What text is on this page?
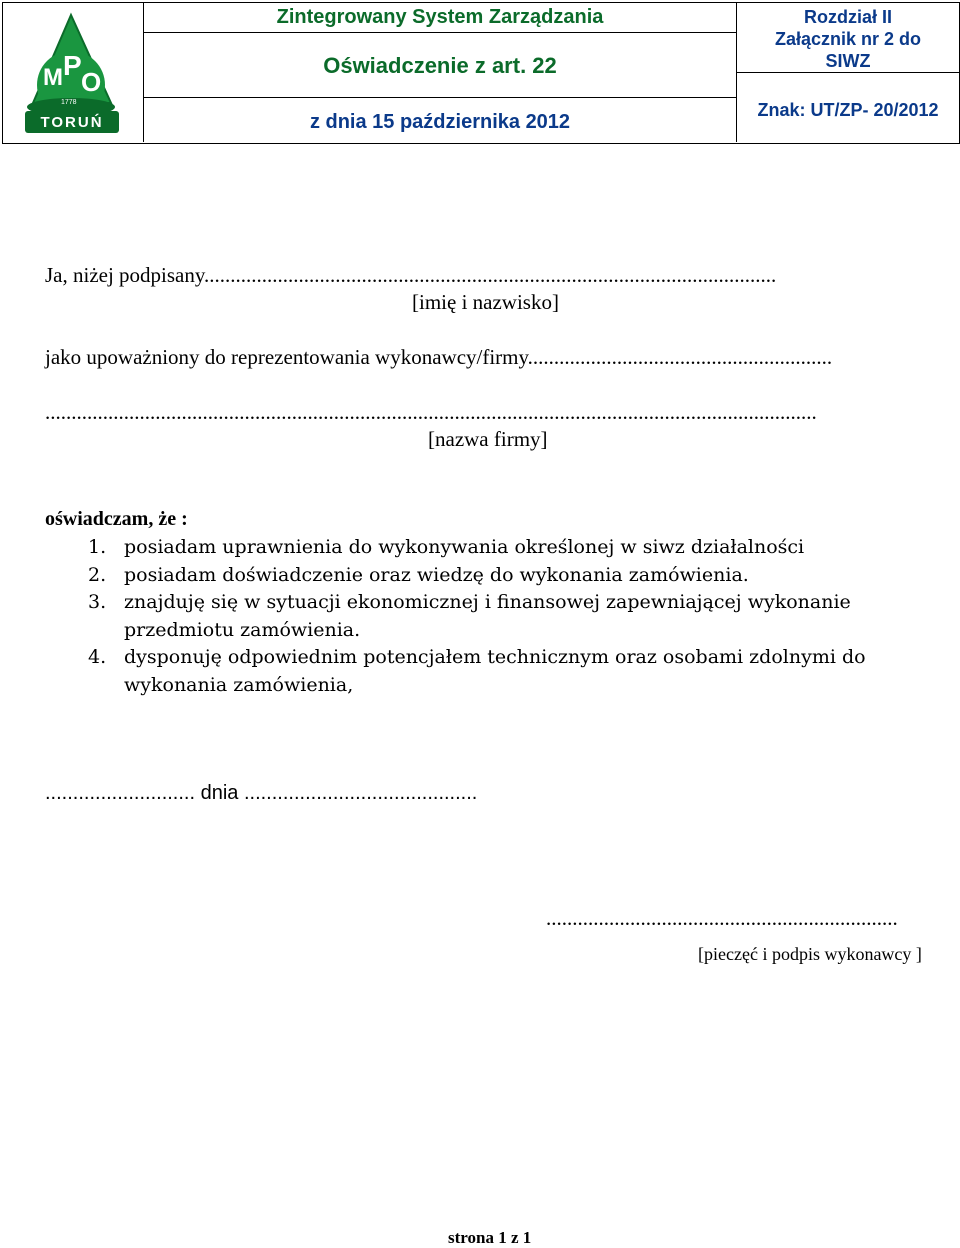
M P
O
1778
TORUŃ
Zintegrowany System Zarządzania
Oświadczenie z art. 22
z dnia 15 października 2012
Rozdział II
Załącznik nr 2 do
SIWZ
Znak: UT/ZP- 20/2012
Ja, niżej podpisany.............................................................................................................
[imię i nazwisko]
jako upoważniony do reprezentowania wykonawcy/firmy..........................................................
...................................................................................................................................................
[nazwa firmy]
oświadczam, że :
1. posiadam uprawnienia do wykonywania określonej w siwz działalności
2. posiadam doświadczenie oraz wiedzę do wykonania zamówienia.
3. znajduję się w sytuacji ekonomicznej i finansowej zapewniającej wykonanie przedmiotu zamówienia.
4. dysponuję odpowiednim potencjałem technicznym oraz osobami zdolnymi do wykonania zamówienia,
........................... dnia ..........................................
...................................................................
[pieczęć i podpis wykonawcy ]
strona 1 z 1
